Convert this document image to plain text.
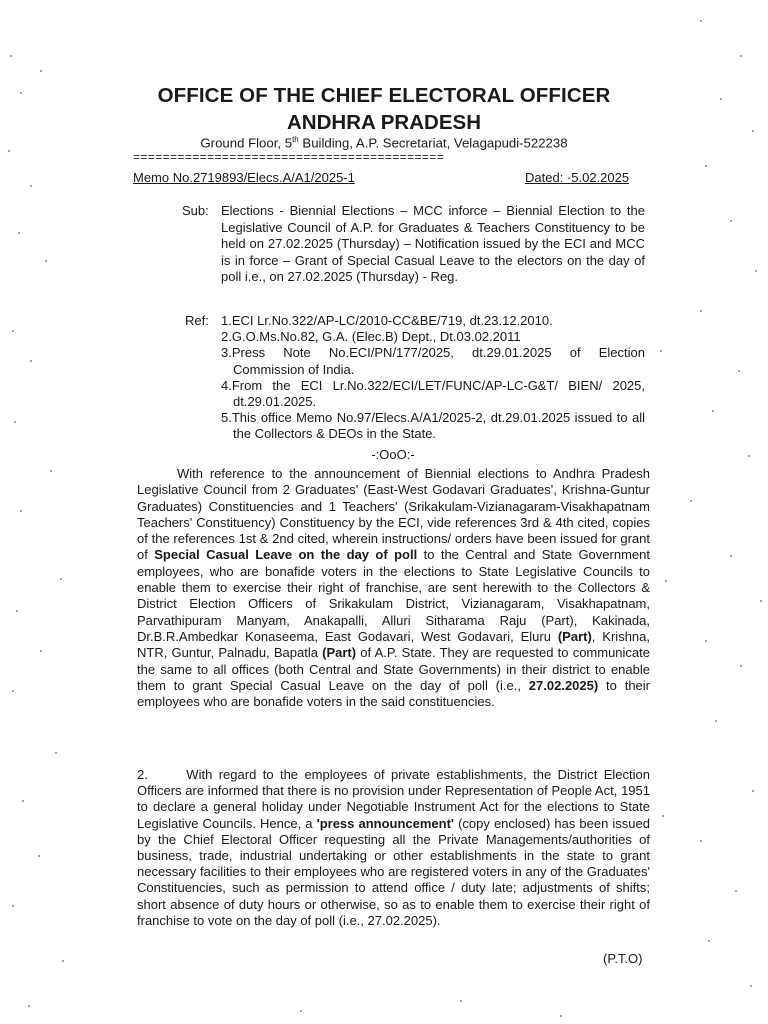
OFFICE OF THE CHIEF ELECTORAL OFFICER
ANDHRA PRADESH
Ground Floor, 5th Building, A.P. Secretariat, Velagapudi-522238
==========================================
Memo No.2719893/Elecs.A/A1/2025-1	Dated: ·5.02.2025
Sub: Elections - Biennial Elections – MCC inforce – Biennial Election to the Legislative Council of A.P. for Graduates & Teachers Constituency to be held on 27.02.2025 (Thursday) – Notification issued by the ECI and MCC is in force – Grant of Special Casual Leave to the electors on the day of poll i.e., on 27.02.2025 (Thursday) - Reg.
Ref: 1.ECI Lr.No.322/AP-LC/2010-CC&BE/719, dt.23.12.2010.
2.G.O.Ms.No.82, G.A. (Elec.B) Dept., Dt.03.02.2011
3.Press Note No.ECI/PN/177/2025, dt.29.01.2025 of Election Commission of India.
4.From the ECI Lr.No.322/ECI/LET/FUNC/AP-LC-G&T/ BIEN/ 2025, dt.29.01.2025.
5.This office Memo No.97/Elecs.A/A1/2025-2, dt.29.01.2025 issued to all the Collectors & DEOs in the State.
-:OoO:-
With reference to the announcement of Biennial elections to Andhra Pradesh Legislative Council from 2 Graduates' (East-West Godavari Graduates', Krishna-Guntur Graduates) Constituencies and 1 Teachers' (Srikakulam-Vizianagaram-Visakhapatnam Teachers' Constituency) Constituency by the ECI, vide references 3rd & 4th cited, copies of the references 1st & 2nd cited, wherein instructions/ orders have been issued for grant of Special Casual Leave on the day of poll to the Central and State Government employees, who are bonafide voters in the elections to State Legislative Councils to enable them to exercise their right of franchise, are sent herewith to the Collectors & District Election Officers of Srikakulam District, Vizianagaram, Visakhapatnam, Parvathipuram Manyam, Anakapalli, Alluri Sitharama Raju (Part), Kakinada, Dr.B.R.Ambedkar Konaseema, East Godavari, West Godavari, Eluru (Part), Krishna, NTR, Guntur, Palnadu, Bapatla (Part) of A.P. State. They are requested to communicate the same to all offices (both Central and State Governments) in their district to enable them to grant Special Casual Leave on the day of poll (i.e., 27.02.2025) to their employees who are bonafide voters in the said constituencies.
2.      With regard to the employees of private establishments, the District Election Officers are informed that there is no provision under Representation of People Act, 1951 to declare a general holiday under Negotiable Instrument Act for the elections to State Legislative Councils. Hence, a 'press announcement' (copy enclosed) has been issued by the Chief Electoral Officer requesting all the Private Managements/authorities of business, trade, industrial undertaking or other establishments in the state to grant necessary facilities to their employees who are registered voters in any of the Graduates' Constituencies, such as permission to attend office / duty late; adjustments of shifts; short absence of duty hours or otherwise, so as to enable them to exercise their right of franchise to vote on the day of poll (i.e., 27.02.2025).
(P.T.O)
